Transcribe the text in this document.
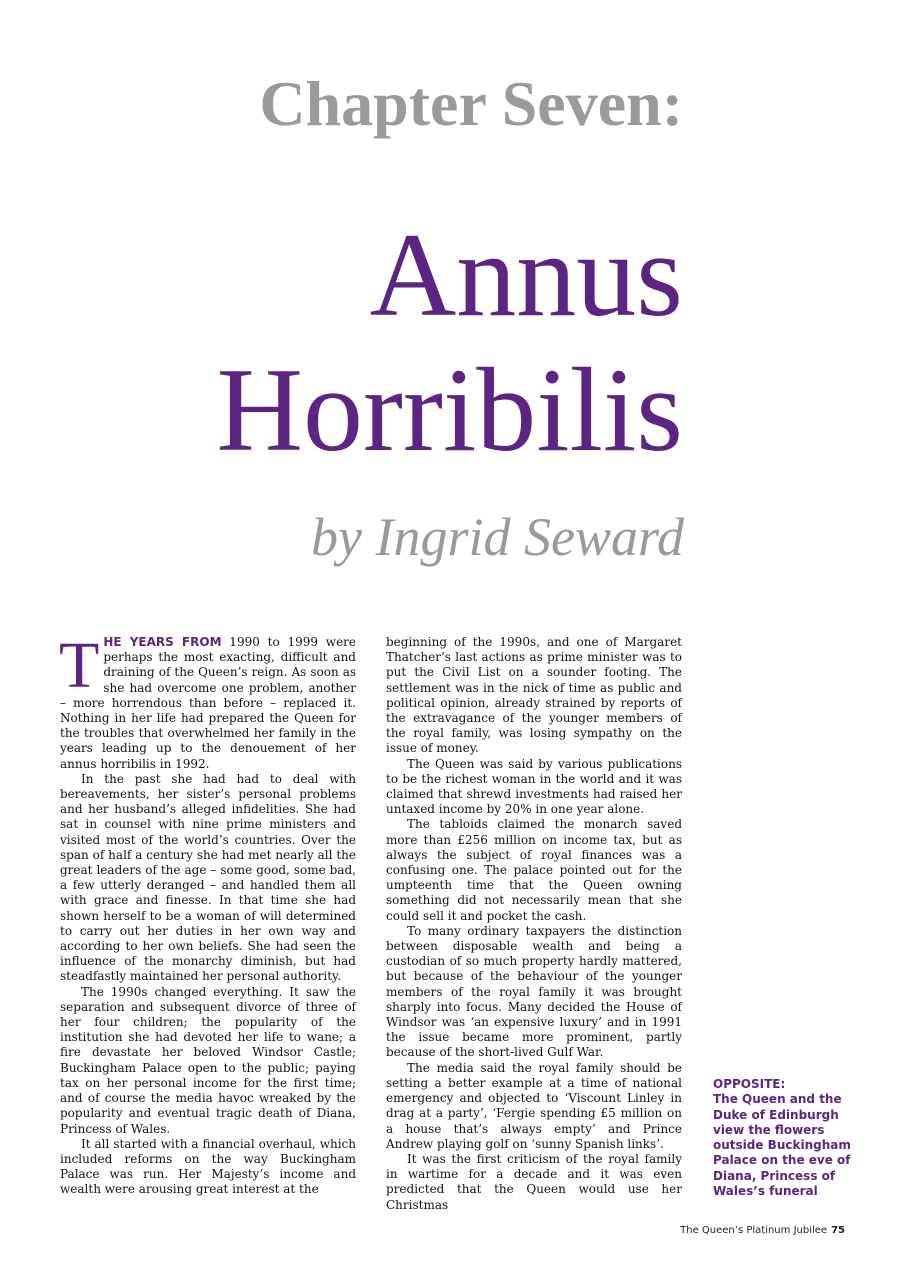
Chapter Seven:
Annus
Horribilis
by Ingrid Seward

THE YEARS FROM 1990 to 1999 were perhaps the most exacting, difficult and draining of the Queen’s reign. As soon as she had overcome one problem, another – more horrendous than before – replaced it. Nothing in her life had prepared the Queen for the troubles that overwhelmed her family in the years leading up to the denouement of her annus horribilis in 1992.

In the past she had had to deal with bereavements, her sister’s personal problems and her husband’s alleged infidelities. She had sat in counsel with nine prime ministers and visited most of the world’s countries. Over the span of half a century she had met nearly all the great leaders of the age – some good, some bad, a few utterly deranged – and handled them all with grace and finesse. In that time she had shown herself to be a woman of will determined to carry out her duties in her own way and according to her own beliefs. She had seen the influence of the monarchy diminish, but had steadfastly maintained her personal authority.

The 1990s changed everything. It saw the separation and subsequent divorce of three of her four children; the popularity of the institution she had devoted her life to wane; a fire devastate her beloved Windsor Castle; Buckingham Palace open to the public; paying tax on her personal income for the first time; and of course the media havoc wreaked by the popularity and eventual tragic death of Diana, Princess of Wales.

It all started with a financial overhaul, which included reforms on the way Buckingham Palace was run. Her Majesty’s income and wealth were arousing great interest at the

beginning of the 1990s, and one of Margaret Thatcher’s last actions as prime minister was to put the Civil List on a sounder footing. The settlement was in the nick of time as public and political opinion, already strained by reports of the extravagance of the younger members of the royal family, was losing sympathy on the issue of money.

The Queen was said by various publications to be the richest woman in the world and it was claimed that shrewd investments had raised her untaxed income by 20% in one year alone.

The tabloids claimed the monarch saved more than £256 million on income tax, but as always the subject of royal finances was a confusing one. The palace pointed out for the umpteenth time that the Queen owning something did not necessarily mean that she could sell it and pocket the cash.

To many ordinary taxpayers the distinction between disposable wealth and being a custodian of so much property hardly mattered, but because of the behaviour of the younger members of the royal family it was brought sharply into focus. Many decided the House of Windsor was ‘an expensive luxury’ and in 1991 the issue became more prominent, partly because of the short-lived Gulf War.

The media said the royal family should be setting a better example at a time of national emergency and objected to ‘Viscount Linley in drag at a party’, ‘Fergie spending £5 million on a house that’s always empty’ and Prince Andrew playing golf on ‘sunny Spanish links’.

It was the first criticism of the royal family in wartime for a decade and it was even predicted that the Queen would use her Christmas

OPPOSITE:
The Queen and the Duke of Edinburgh view the flowers outside Buckingham Palace on the eve of Diana, Princess of Wales’s funeral
The Queen’s Platinum Jubilee 75
